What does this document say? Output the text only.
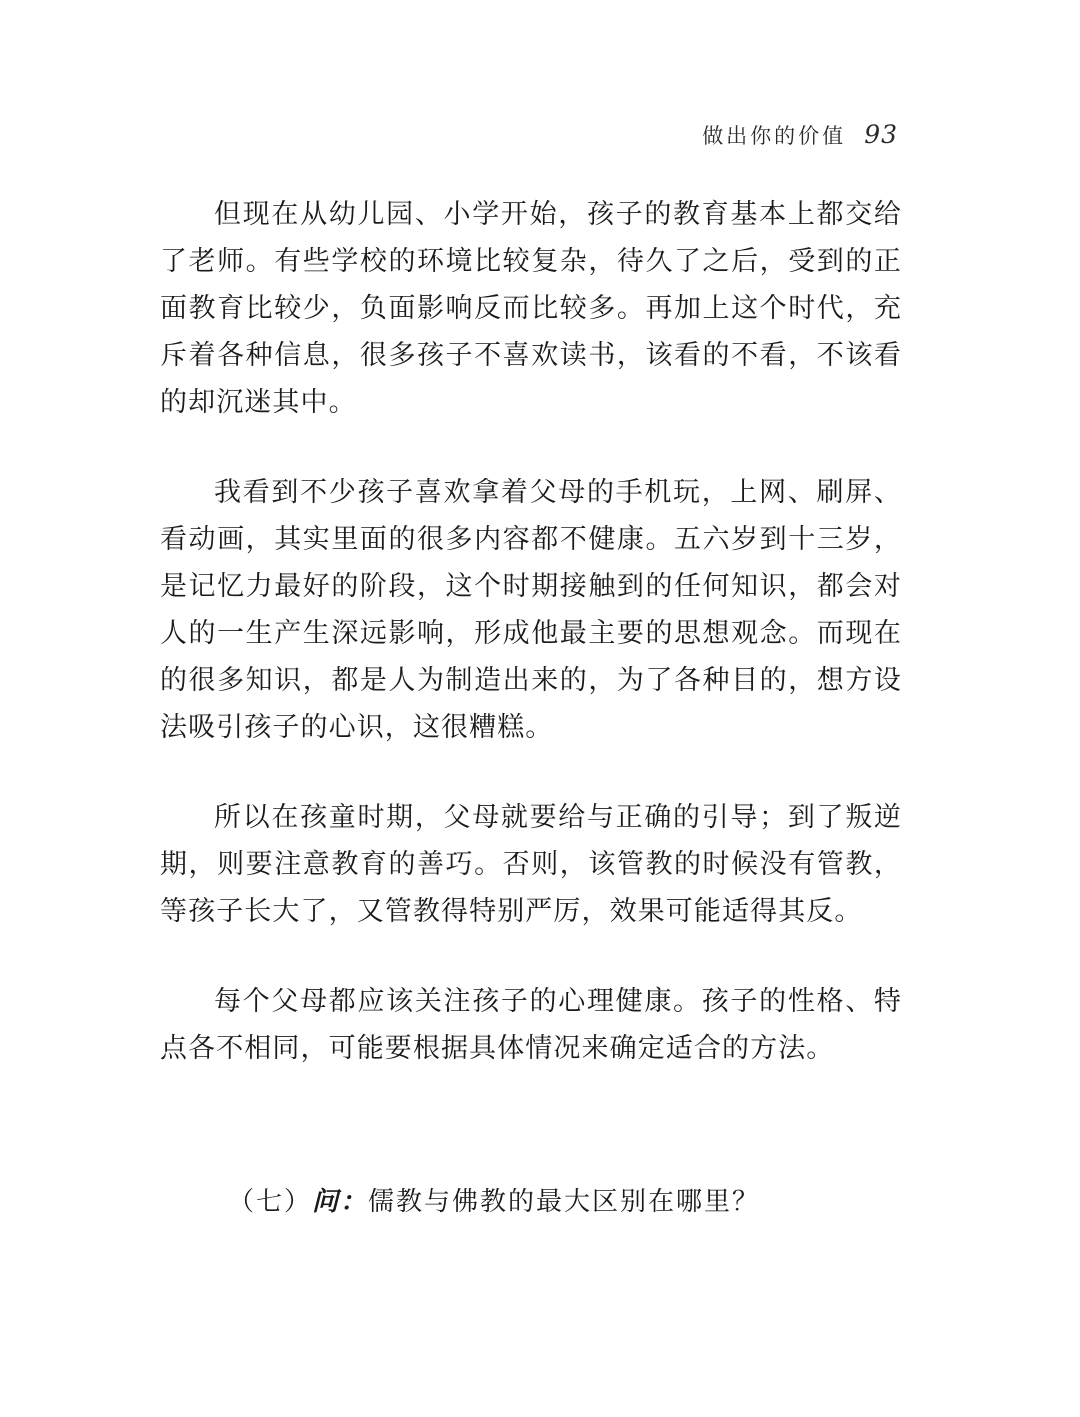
做出你的价值 93

但现在从幼儿园、小学开始，孩子的教育基本上都交给了老师。有些学校的环境比较复杂，待久了之后，受到的正面教育比较少，负面影响反而比较多。再加上这个时代，充斥着各种信息，很多孩子不喜欢读书，该看的不看，不该看的却沉迷其中。

我看到不少孩子喜欢拿着父母的手机玩，上网、刷屏、看动画，其实里面的很多内容都不健康。五六岁到十三岁，是记忆力最好的阶段，这个时期接触到的任何知识，都会对人的一生产生深远影响，形成他最主要的思想观念。而现在的很多知识，都是人为制造出来的，为了各种目的，想方设法吸引孩子的心识，这很糟糕。

所以在孩童时期，父母就要给与正确的引导；到了叛逆期，则要注意教育的善巧。否则，该管教的时候没有管教，等孩子长大了，又管教得特别严厉，效果可能适得其反。

每个父母都应该关注孩子的心理健康。孩子的性格、特点各不相同，可能要根据具体情况来确定适合的方法。

（七）问：儒教与佛教的最大区别在哪里？
